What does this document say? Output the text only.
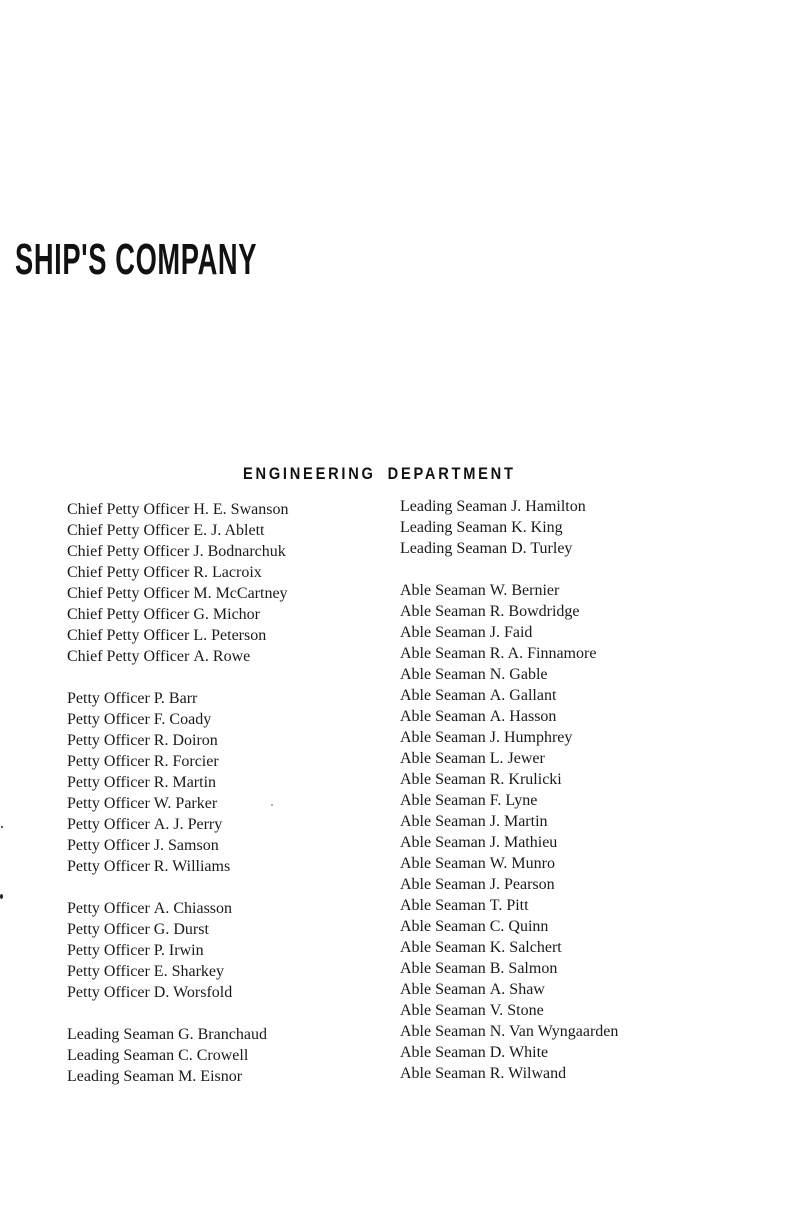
SHIP'S COMPANY
ENGINEERING DEPARTMENT
Chief Petty Officer H. E. Swanson
Chief Petty Officer E. J. Ablett
Chief Petty Officer J. Bodnarchuk
Chief Petty Officer R. Lacroix
Chief Petty Officer M. McCartney
Chief Petty Officer G. Michor
Chief Petty Officer L. Peterson
Chief Petty Officer A. Rowe
Petty Officer P. Barr
Petty Officer F. Coady
Petty Officer R. Doiron
Petty Officer R. Forcier
Petty Officer R. Martin
Petty Officer W. Parker
Petty Officer A. J. Perry
Petty Officer J. Samson
Petty Officer R. Williams
Petty Officer A. Chiasson
Petty Officer G. Durst
Petty Officer P. Irwin
Petty Officer E. Sharkey
Petty Officer D. Worsfold
Leading Seaman G. Branchaud
Leading Seaman C. Crowell
Leading Seaman M. Eisnor
Leading Seaman J. Hamilton
Leading Seaman K. King
Leading Seaman D. Turley
Able Seaman W. Bernier
Able Seaman R. Bowdridge
Able Seaman J. Faid
Able Seaman R. A. Finnamore
Able Seaman N. Gable
Able Seaman A. Gallant
Able Seaman A. Hasson
Able Seaman J. Humphrey
Able Seaman L. Jewer
Able Seaman R. Krulicki
Able Seaman F. Lyne
Able Seaman J. Martin
Able Seaman J. Mathieu
Able Seaman W. Munro
Able Seaman J. Pearson
Able Seaman T. Pitt
Able Seaman C. Quinn
Able Seaman K. Salchert
Able Seaman B. Salmon
Able Seaman A. Shaw
Able Seaman V. Stone
Able Seaman N. Van Wyngaarden
Able Seaman D. White
Able Seaman R. Wilwand
